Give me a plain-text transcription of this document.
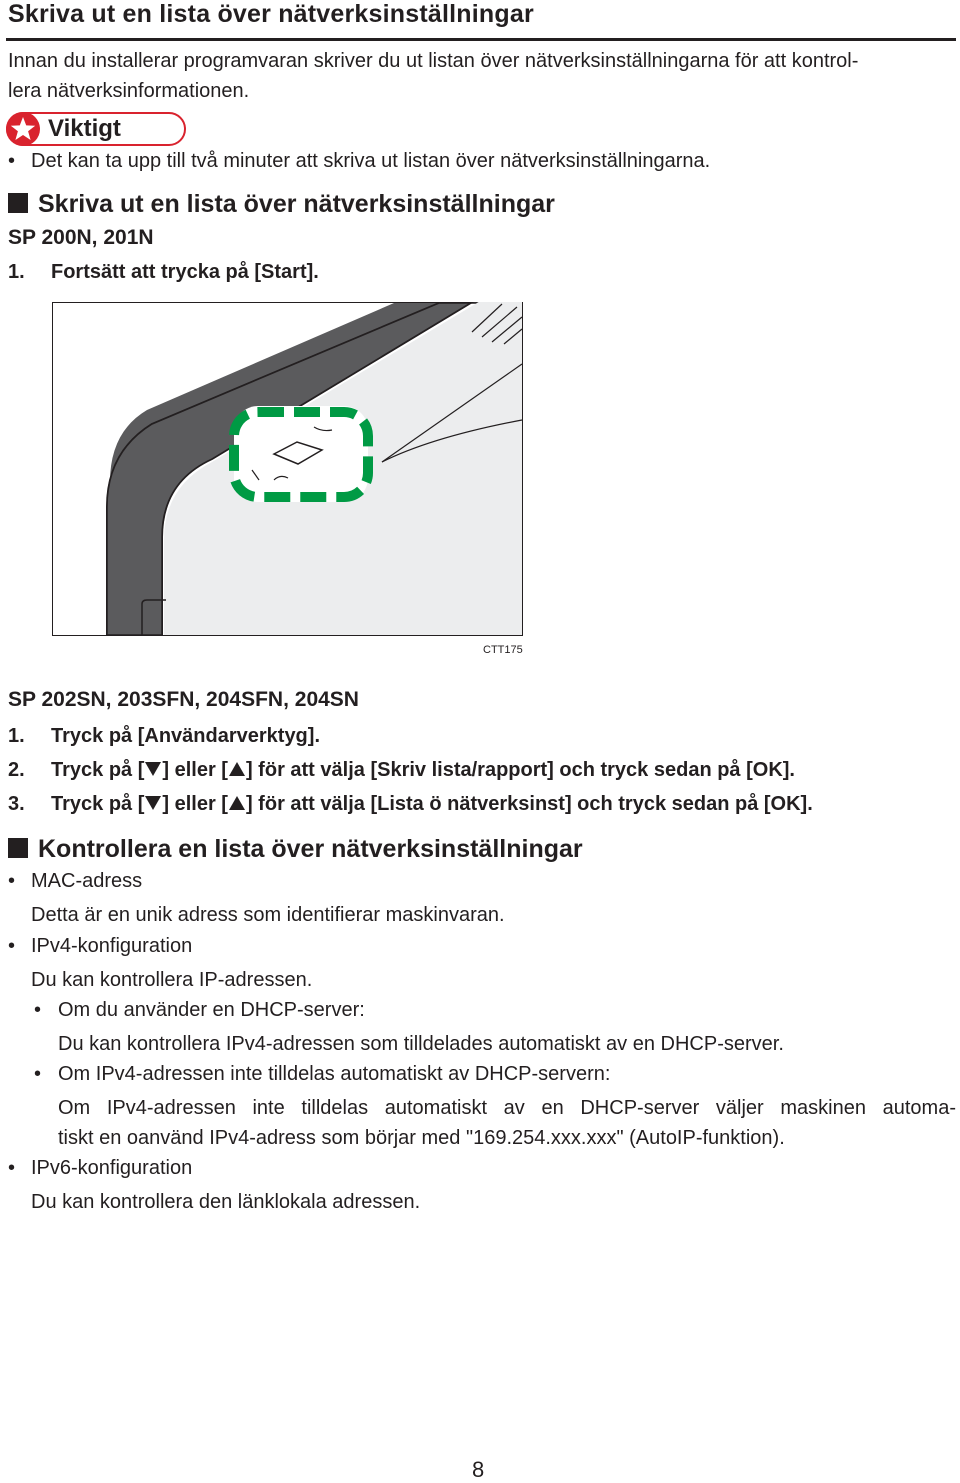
Skriva ut en lista över nätverksinställningar
Innan du installerar programvaran skriver du ut listan över nätverksinställningarna för att kontrol-
lera nätverksinformationen.
Viktigt
• Det kan ta upp till två minuter att skriva ut listan över nätverksinställningarna.
Skriva ut en lista över nätverksinställningar
SP 200N, 201N
1. Fortsätt att trycka på [Start].
CTT175
SP 202SN, 203SFN, 204SFN, 204SN
1. Tryck på [Användarverktyg].
2. Tryck på [ ] eller [ ] för att välja [Skriv lista/rapport] och tryck sedan på [OK].
3. Tryck på [ ] eller [ ] för att välja [Lista ö nätverksinst] och tryck sedan på [OK].
Kontrollera en lista över nätverksinställningar
• MAC-adress
Detta är en unik adress som identifierar maskinvaran.
• IPv4-konfiguration
Du kan kontrollera IP-adressen.
• Om du använder en DHCP-server:
Du kan kontrollera IPv4-adressen som tilldelades automatiskt av en DHCP-server.
• Om IPv4-adressen inte tilldelas automatiskt av DHCP-servern:
Om IPv4-adressen inte tilldelas automatiskt av en DHCP-server väljer maskinen automa-
tiskt en oanvänd IPv4-adress som börjar med "169.254.xxx.xxx" (AutoIP-funktion).
• IPv6-konfiguration
Du kan kontrollera den länklokala adressen.
8
